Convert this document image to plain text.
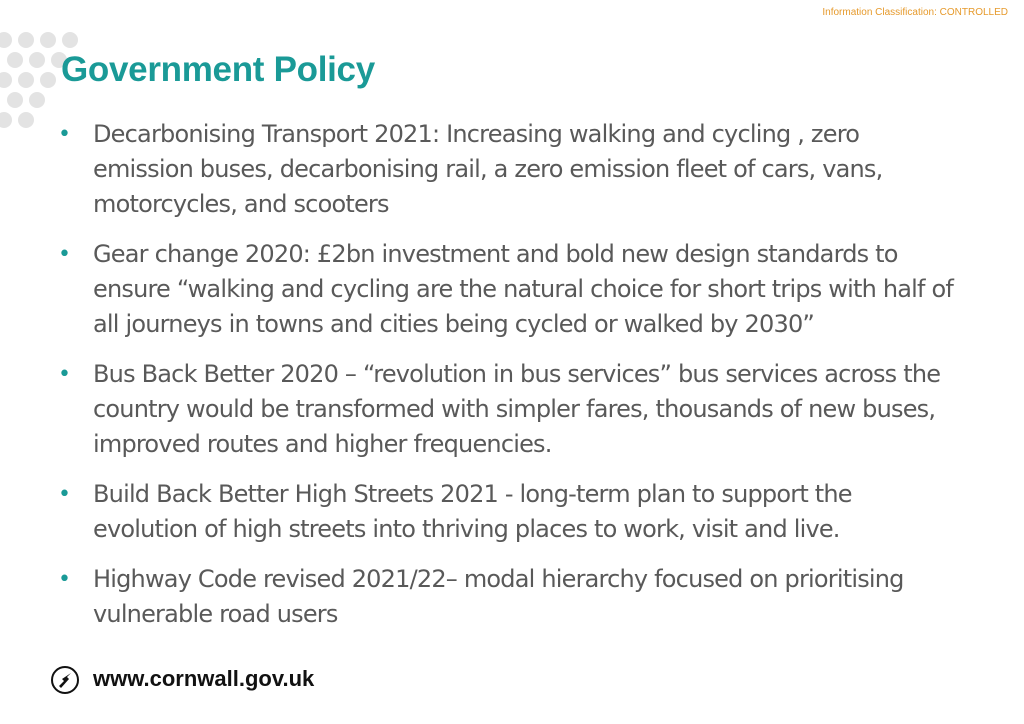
Information Classification: CONTROLLED
Government Policy
• Decarbonising Transport 2021: Increasing walking and cycling , zero emission buses, decarbonising rail, a zero emission fleet of cars, vans, motorcycles, and scooters
• Gear change 2020: £2bn investment and bold new design standards to ensure “walking and cycling are the natural choice for short trips with half of all journeys in towns and cities being cycled or walked by 2030”
• Bus Back Better 2020 – “revolution in bus services” bus services across the country would be transformed with simpler fares, thousands of new buses, improved routes and higher frequencies.
• Build Back Better High Streets 2021 - long-term plan to support the evolution of high streets into thriving places to work, visit and live.
• Highway Code revised 2021/22– modal hierarchy focused on prioritising vulnerable road users
www.cornwall.gov.uk
